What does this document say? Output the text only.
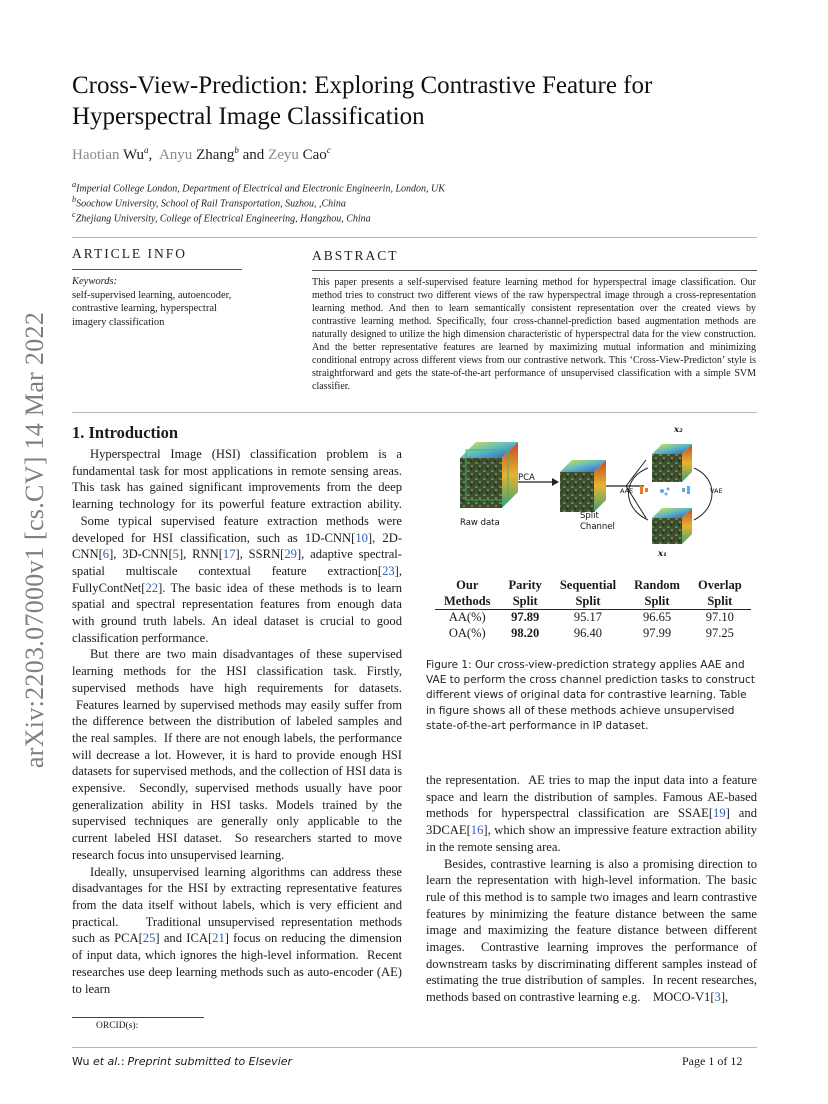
arXiv:2203.07000v1 [cs.CV] 14 Mar 2022
Cross-View-Prediction: Exploring Contrastive Feature for
Hyperspectral Image Classification
Haotian Wu$^a$,  Anyu Zhang$^b$ and Zeyu Cao$^c$
$^a$Imperial College London, Department of Electrical and Electronic Engineerin, London, UK
$^b$Soochow University, School of Rail Transportation, Suzhou, ,China
$^c$Zhejiang University, College of Electrical Engineering, Hangzhou, China
ARTICLE INFO	ABSTRACT
Keywords:
self-supervised learning, autoencoder,
contrastive learning, hyperspectral
imagery classification
This paper presents a self-supervised feature learning method for hyperspectral image classification. Our method tries to construct two different views of the raw hyperspectral image through a cross-representation learning method. And then to learn semantically consistent representation over the created views by contrastive learning method. Specifically, four cross-channel-prediction based augmentation methods are naturally designed to utilize the high dimension characteristic of hyperspectral data for the view construction. And the better representative features are learned by maximizing mutual information and minimizing conditional entropy across different views from our contrastive network. This ‘Cross-View-Predicton’ style is straightforward and gets the state-of-the-art performance of unsupervised classification with a simple SVM classifier.
1. Introduction

Hyperspectral Image (HSI) classification problem is a fundamental task for most applications in remote sensing areas. This task has gained significant improvements from the deep learning technology for its powerful feature extraction ability.  Some typical supervised feature extraction methods were developed for HSI classification, such as 1D-CNN[10], 2D-CNN[6], 3D-CNN[5], RNN[17], SSRN[29], adaptive spectral-spatial multiscale contextual feature extraction[23], FullyContNet[22]. The basic idea of these methods is to learn spatial and spectral representation features from enough data with ground truth labels. An ideal dataset is crucial to good classification performance.

But there are two main disadvantages of these supervised learning methods for the HSI classification task. Firstly, supervised methods have high requirements for datasets.  Features learned by supervised methods may easily suffer from the difference between the distribution of labeled samples and the real samples.  If there are not enough labels, the performance will decrease a lot. However, it is hard to provide enough HSI datasets for supervised methods, and the collection of HSI data is expensive.  Secondly, supervised methods usually have poor generalization ability in HSI tasks. Models trained by the supervised techniques are generally only applicable to the current labeled HSI dataset.  So researchers started to move research focus into unsupervised learning.

Ideally, unsupervised learning algorithms can address these disadvantages for the HSI by extracting representative features from the data itself without labels, which is very efficient and practical.    Traditional unsupervised representation methods such as PCA[25] and ICA[21] focus on reducing the dimension of input data, which ignores the high-level information.  Recent researches use deep learning methods such as auto-encoder (AE) to learn

Raw data
PCA
Split
Channel
x₂
x₁
AAE	VAE
Our	Parity	Sequential	Random	Overlap
Methods	Split	Split	Split	Split
AA(%)	97.89	95.17	96.65	97.10
OA(%)	98.20	96.40	97.99	97.25
Figure 1: Our cross-view-prediction strategy applies AAE and VAE to perform the cross channel prediction tasks to construct different views of original data for contrastive learning. Table in figure shows all of these methods achieve unsupervised state-of-the-art performance in IP dataset.

the representation.  AE tries to map the input data into a feature space and learn the distribution of samples. Famous AE-based methods for hyperspectral classification are SSAE[19] and 3DCAE[16], which show an impressive feature extraction ability in the remote sensing area.

Besides, contrastive learning is also a promising direction to learn the representation with high-level information. The basic rule of this method is to sample two images and learn contrastive features by minimizing the feature distance between the same image and maximizing the feature distance between different images.  Contrastive learning improves the performance of downstream tasks by discriminating different samples instead of estimating the true distribution of samples.  In recent researches, methods based on contrastive learning e.g.    MOCO-V1[3],

ORCID(s):
Wu et al.: Preprint submitted to Elsevier	Page 1 of 12
